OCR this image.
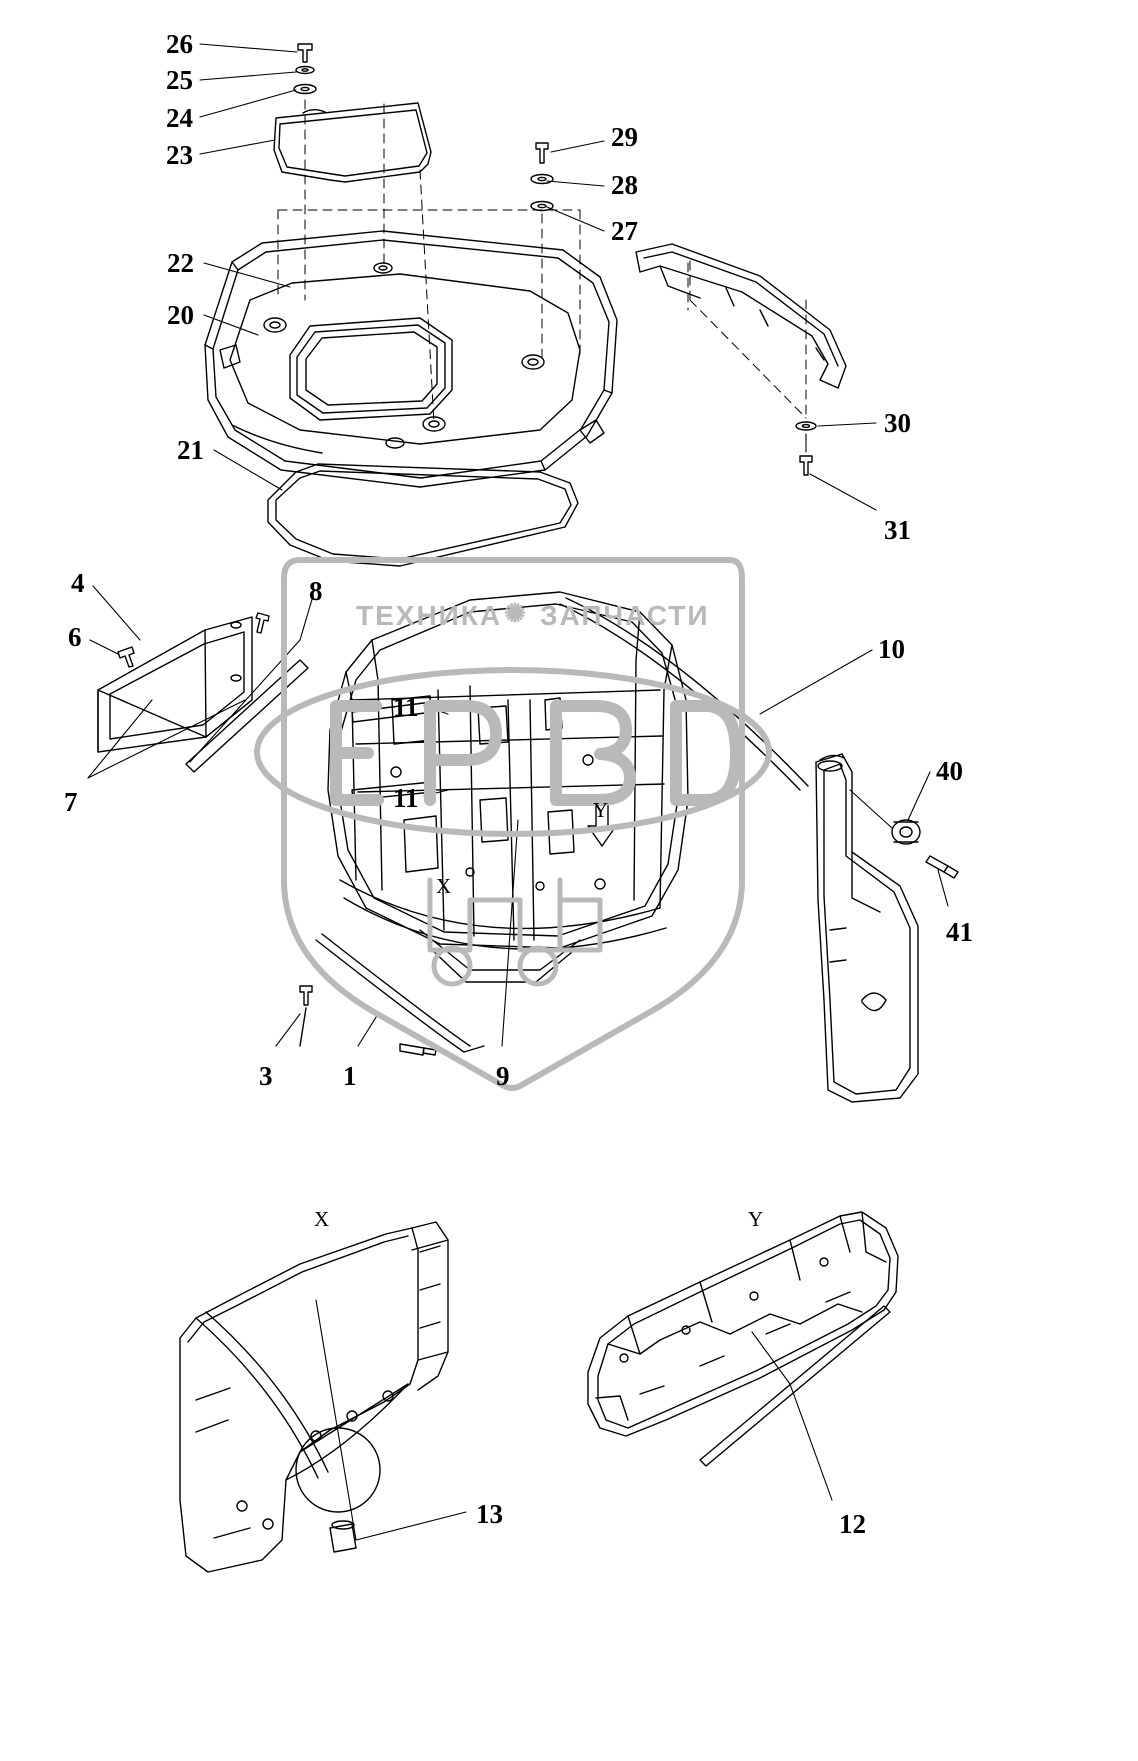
ТЕХНИКА ✺ ЗАПЧАСТИ
X	Y
X
Y
26
25
24
23
29
28
27
22
20
30
31
21
4	8
6	10
11
7	11
40
41
3	1	9
13	12
